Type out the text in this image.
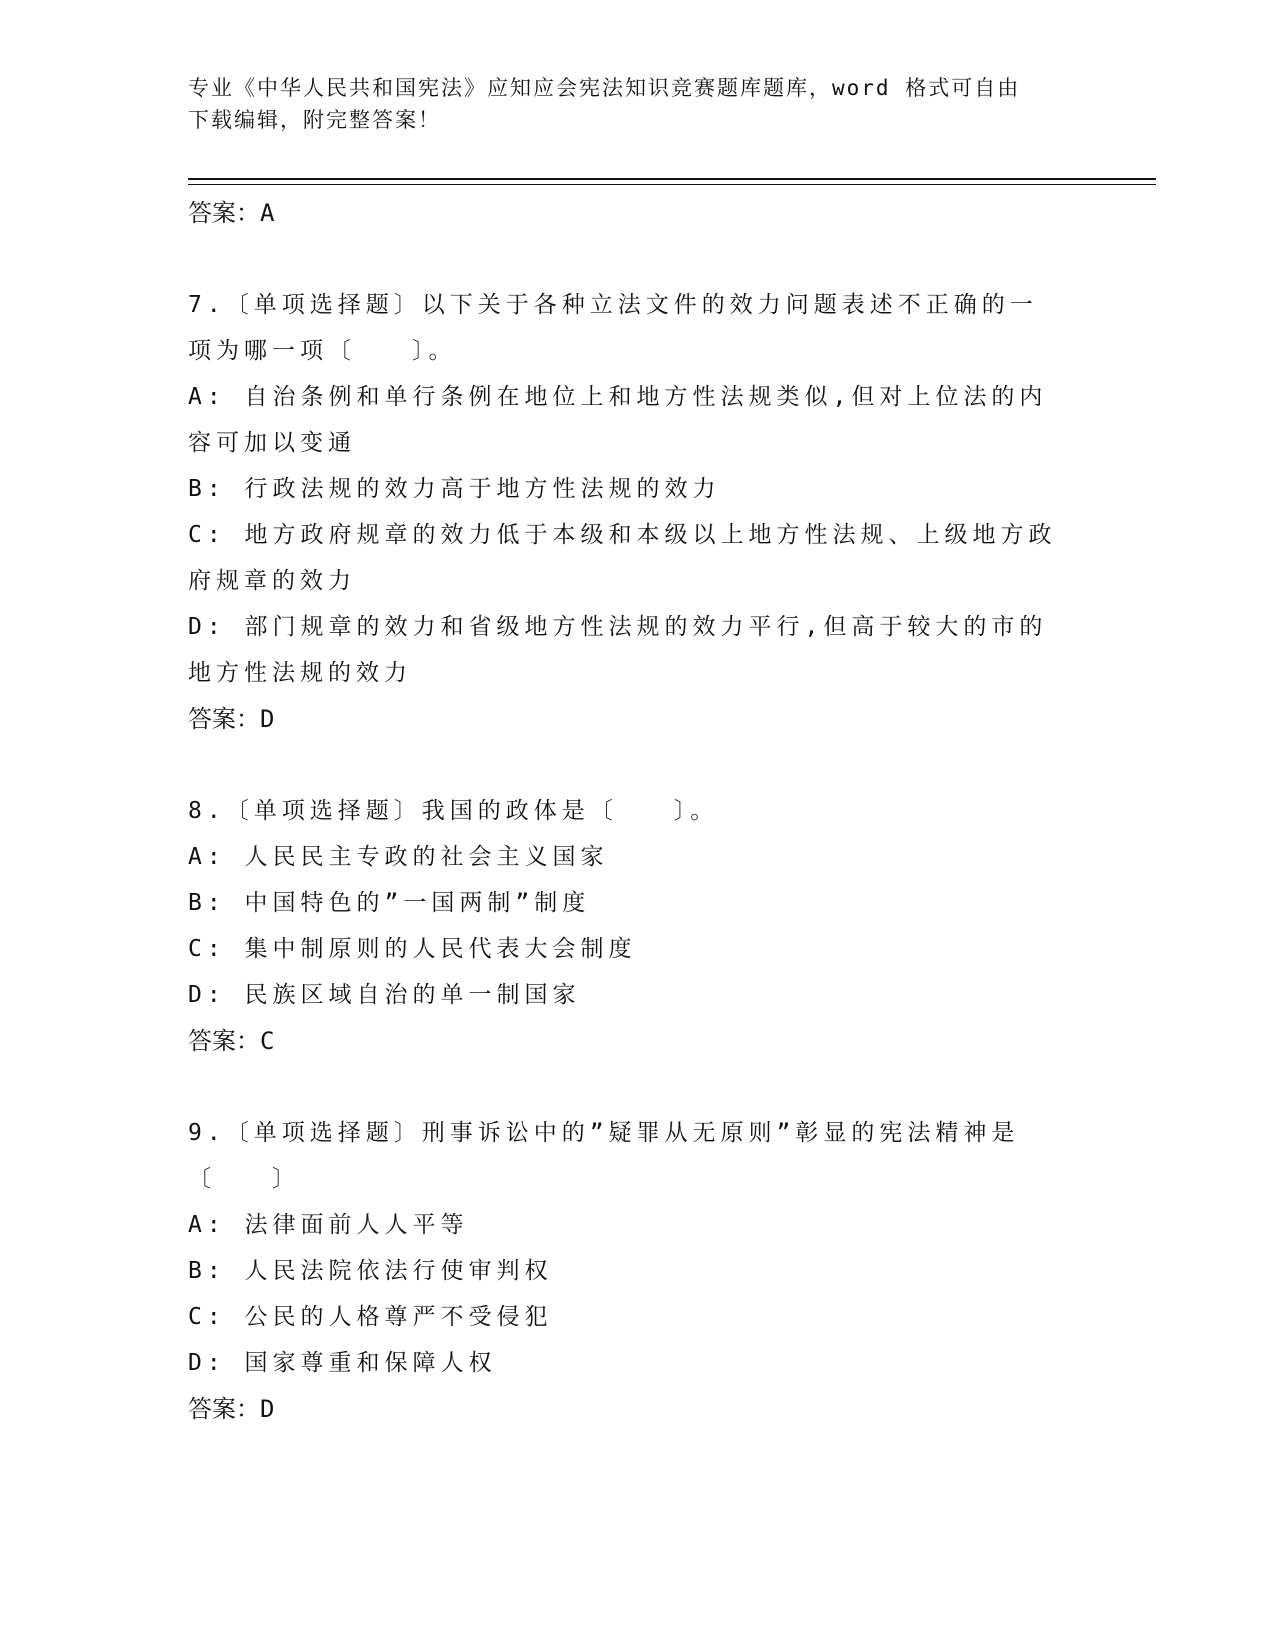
专业《中华人民共和国宪法》应知应会宪法知识竞赛题库题库，word 格式可自由
下载编辑，附完整答案！
答案：A
7.〔单项选择题〕以下关于各种立法文件的效力问题表述不正确的一
项为哪一项〔　　〕。
A: 自治条例和单行条例在地位上和地方性法规类似,但对上位法的内
容可加以变通
B: 行政法规的效力高于地方性法规的效力
C: 地方政府规章的效力低于本级和本级以上地方性法规、上级地方政
府规章的效力
D: 部门规章的效力和省级地方性法规的效力平行,但高于较大的市的
地方性法规的效力
答案：D
8.〔单项选择题〕我国的政体是〔　　〕。
A: 人民民主专政的社会主义国家
B: 中国特色的”一国两制”制度
C: 集中制原则的人民代表大会制度
D: 民族区域自治的单一制国家
答案：C
9.〔单项选择题〕刑事诉讼中的”疑罪从无原则”彰显的宪法精神是
〔　　〕
A: 法律面前人人平等
B: 人民法院依法行使审判权
C: 公民的人格尊严不受侵犯
D: 国家尊重和保障人权
答案：D
